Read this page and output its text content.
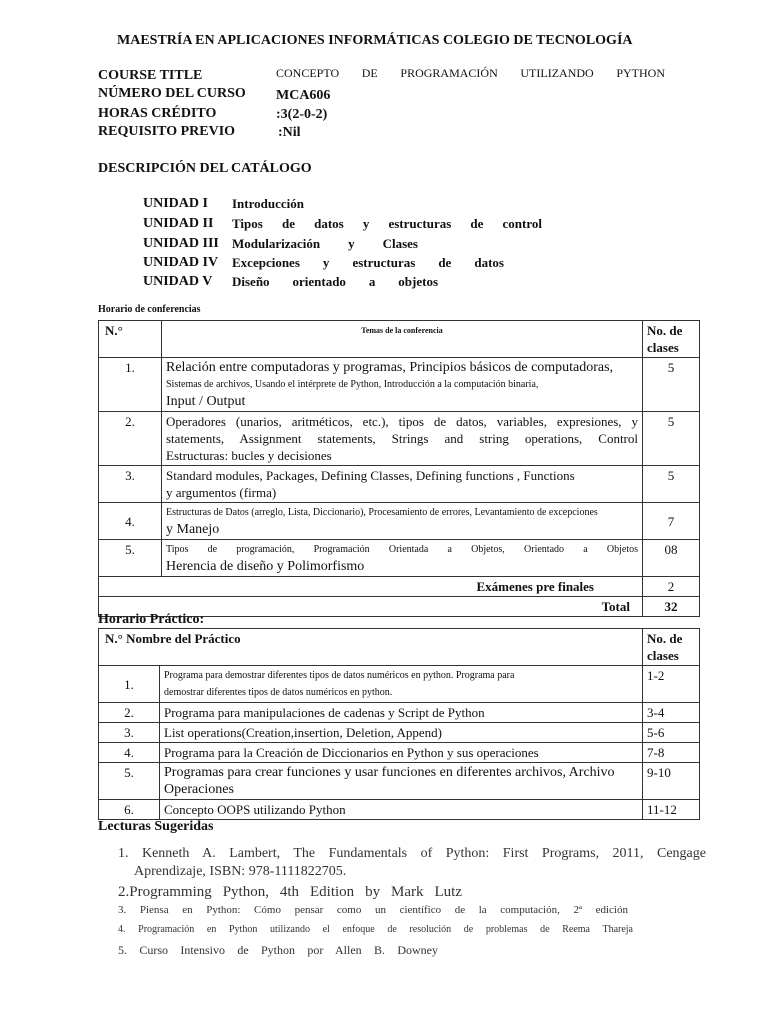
MAESTRÍA EN APLICACIONES INFORMÁTICAS COLEGIO DE TECNOLOGÍA
COURSE TITLE	CONCEPTO DE PROGRAMACIÓN UTILIZANDO PYTHON
NÚMERO DEL CURSO MCA606
HORAS CRÉDITO	:3(2-0-2)
REQUISITO PREVIO	:Nil
DESCRIPCIÓN DEL CATÁLOGO
UNIDAD I Introducción
UNIDAD II Tipos de datos y estructuras de control
UNIDAD III Modularización y Clases
UNIDAD IV Excepciones y estructuras de datos
UNIDAD V Diseño orientado a objetos
Horario de conferencias
N.°	Temas de la conferencia	No. de clases
1.	Relación entre computadoras y programas, Principios básicos de computadoras,
Sistemas de archivos, Usando el intérprete de Python, Introducción a la computación binaria,
Input / Output	5
2.	Operadores (unarios, aritméticos, etc.), tipos de datos, variables, expresiones, y
statements, Assignment statements, Strings and string operations, Control
Estructuras: bucles y decisiones	5
3.	Standard modules, Packages, Defining Classes, Defining functions , Functions
y argumentos (firma)	5
4.	Estructuras de Datos (arreglo, Lista, Diccionario), Procesamiento de errores, Levantamiento de excepciones
y Manejo	7
5.	Tipos de programación, Programación Orientada a Objetos, Orientado a Objetos
Herencia de diseño y Polimorfismo	08
Exámenes pre finales		2
Total		32
Horario Práctico:
N.° Nombre del Práctico		No. de clases
1.	Programa para demostrar diferentes tipos de datos numéricos en python. Programa para
demostrar diferentes tipos de datos numéricos en python.	1-2
2.	Programa para manipulaciones de cadenas y Script de Python	3-4
3.	List operations(Creation,insertion, Deletion, Append)	5-6
4.	Programa para la Creación de Diccionarios en Python y sus operaciones	7-8
5.	Programas para crear funciones y usar funciones en diferentes archivos, Archivo
Operaciones	9-10
6.	Concepto OOPS utilizando Python	11-12
Lecturas Sugeridas
1. Kenneth A. Lambert, The Fundamentals of Python: First Programs, 2011, Cengage
Aprendizaje, ISBN: 978-1111822705.
2.Programming Python, 4th Edition by Mark Lutz
3. Piensa en Python: Cómo pensar como un científico de la computación, 2ª edición
4. Programación en Python utilizando el enfoque de resolución de problemas de Reema Thareja
5. Curso Intensivo de Python por Allen B. Downey
